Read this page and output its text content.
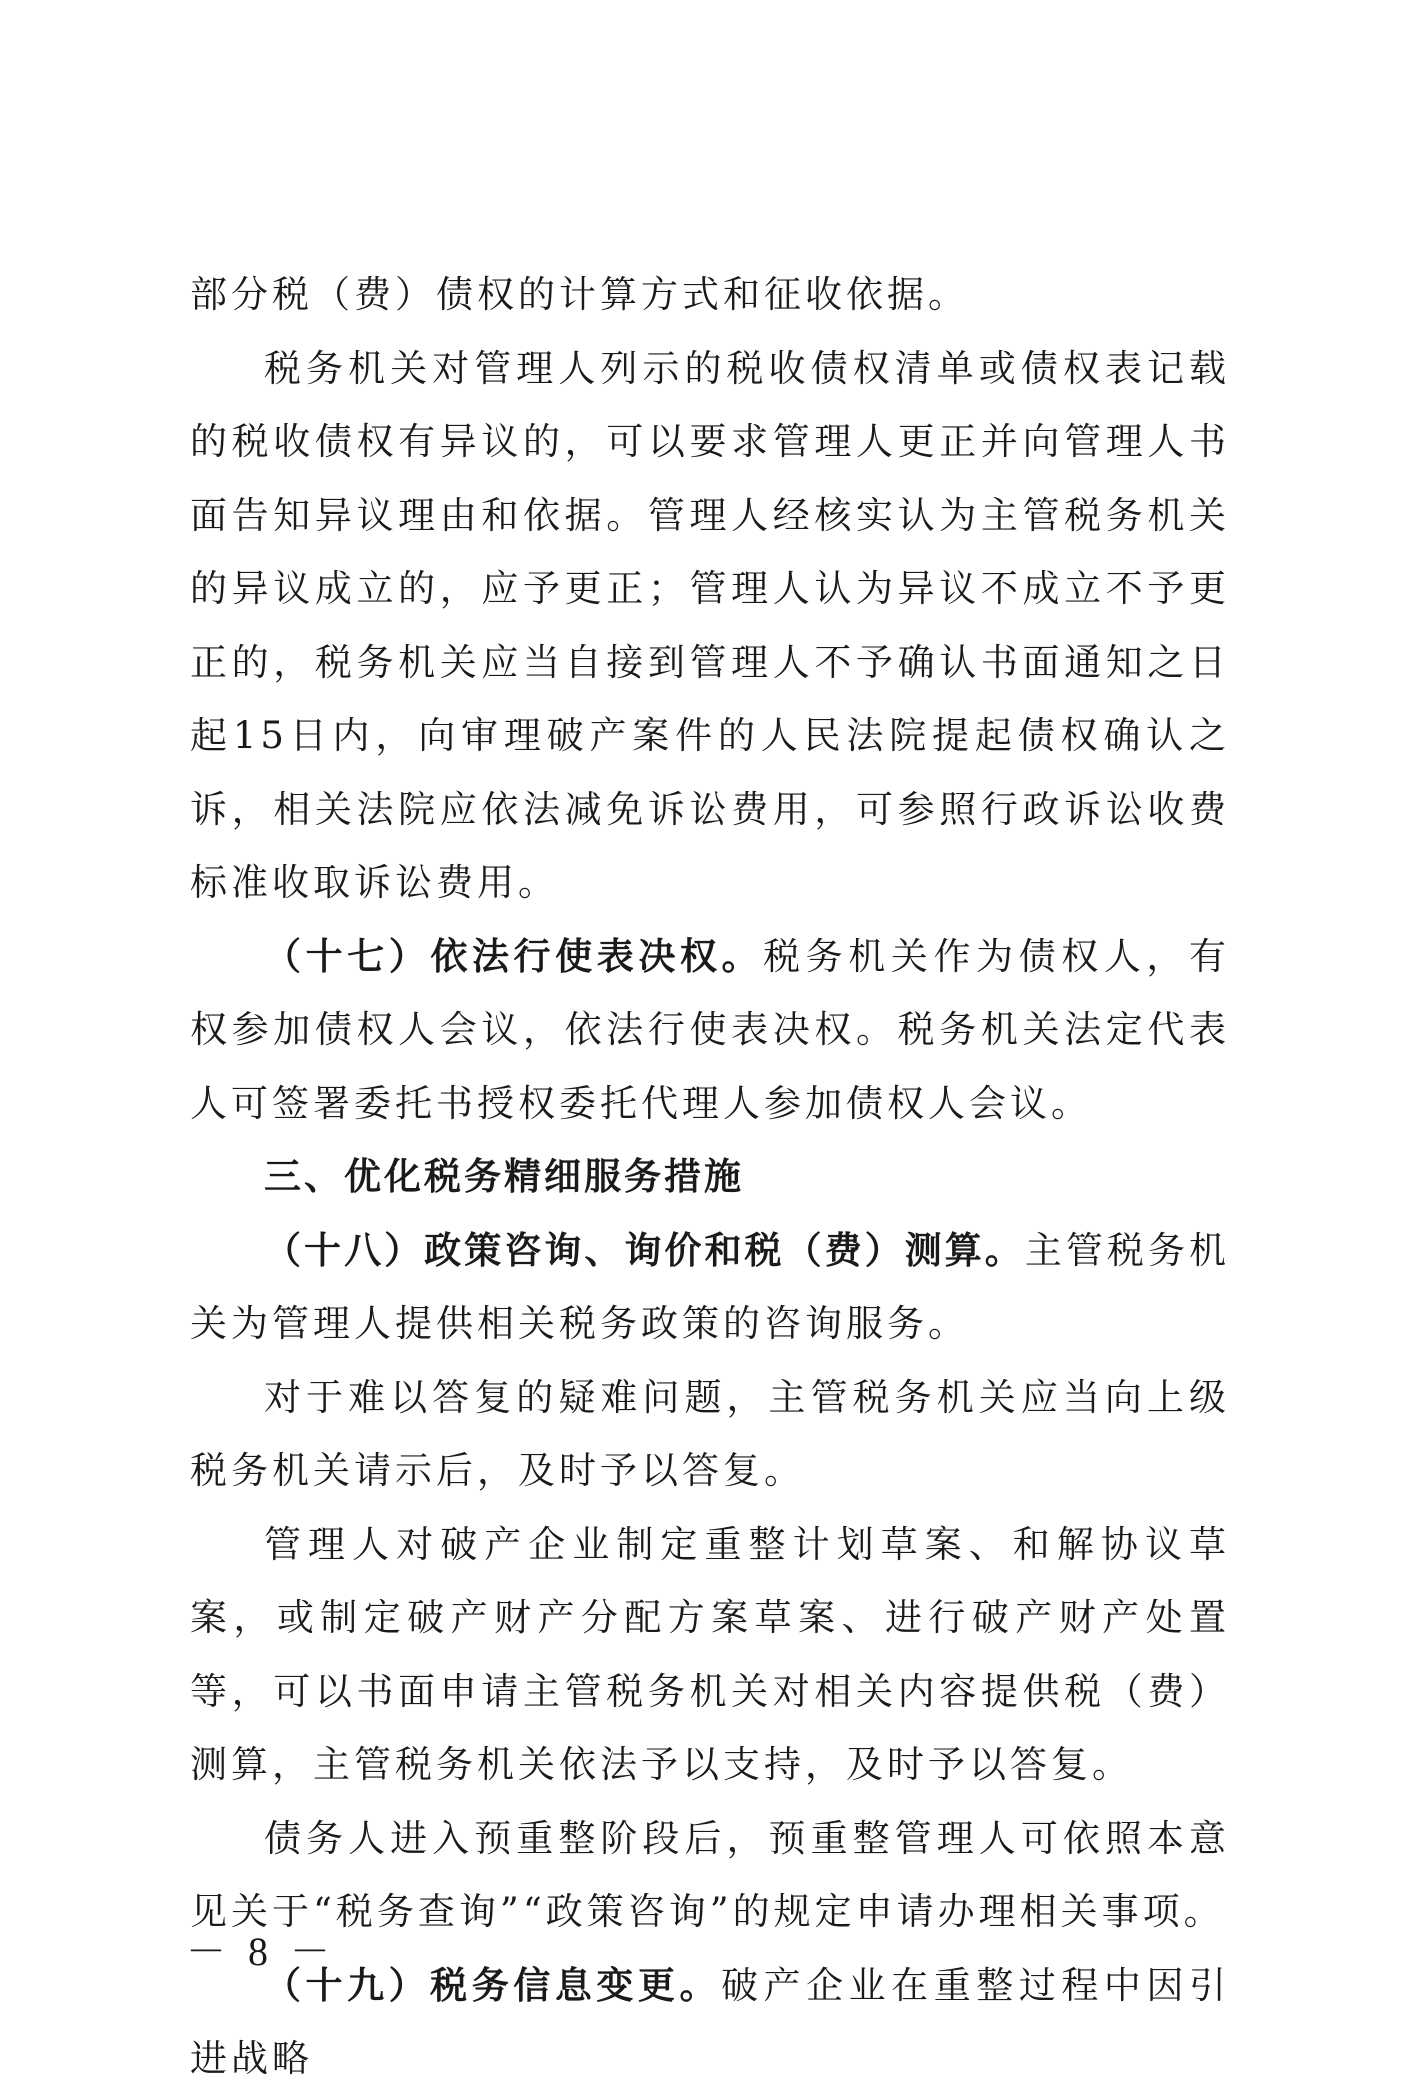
部分税（费）债权的计算方式和征收依据。

税务机关对管理人列示的税收债权清单或债权表记载的税收债权有异议的，可以要求管理人更正并向管理人书面告知异议理由和依据。管理人经核实认为主管税务机关的异议成立的，应予更正；管理人认为异议不成立不予更正的，税务机关应当自接到管理人不予确认书面通知之日起15日内，向审理破产案件的人民法院提起债权确认之诉，相关法院应依法减免诉讼费用，可参照行政诉讼收费标准收取诉讼费用。

（十七）依法行使表决权。税务机关作为债权人，有权参加债权人会议，依法行使表决权。税务机关法定代表人可签署委托书授权委托代理人参加债权人会议。

三、优化税务精细服务措施

（十八）政策咨询、询价和税（费）测算。主管税务机关为管理人提供相关税务政策的咨询服务。

对于难以答复的疑难问题，主管税务机关应当向上级税务机关请示后，及时予以答复。

管理人对破产企业制定重整计划草案、和解协议草案，或制定破产财产分配方案草案、进行破产财产处置等，可以书面申请主管税务机关对相关内容提供税（费）测算，主管税务机关依法予以支持，及时予以答复。

债务人进入预重整阶段后，预重整管理人可依照本意见关于“税务查询”“政策咨询”的规定申请办理相关事项。

（十九）税务信息变更。破产企业在重整过程中因引进战略

－ 8 －
